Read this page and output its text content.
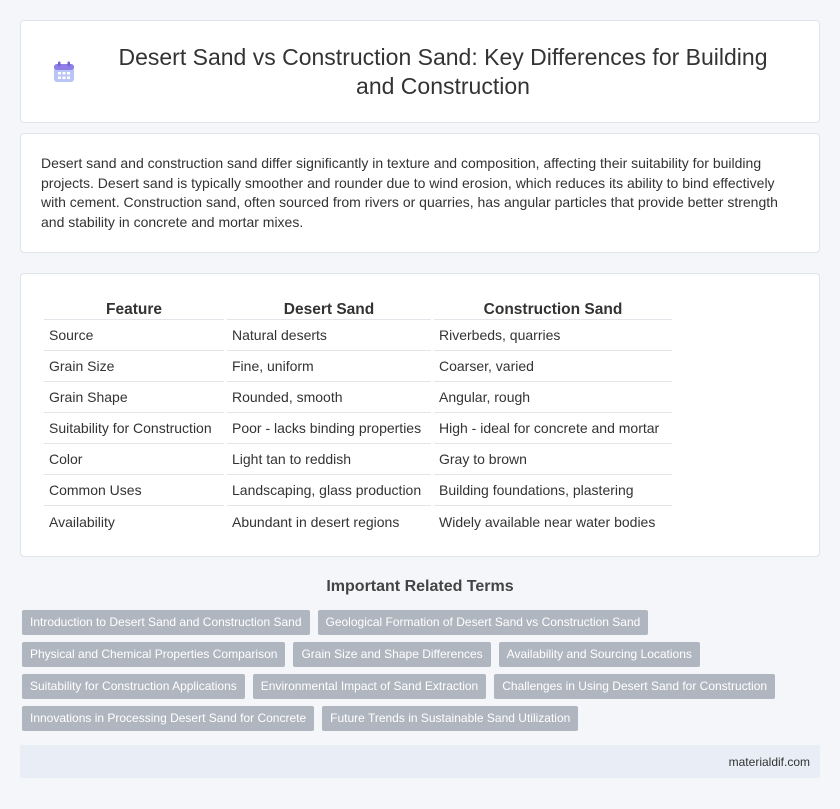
Desert Sand vs Construction Sand: Key Differences for Building and Construction

Desert sand and construction sand differ significantly in texture and composition, affecting their suitability for building projects. Desert sand is typically smoother and rounder due to wind erosion, which reduces its ability to bind effectively with cement. Construction sand, often sourced from rivers or quarries, has angular particles that provide better strength and stability in concrete and mortar mixes.

Feature	Desert Sand	Construction Sand
Source	Natural deserts	Riverbeds, quarries
Grain Size	Fine, uniform	Coarser, varied
Grain Shape	Rounded, smooth	Angular, rough
Suitability for Construction	Poor - lacks binding properties	High - ideal for concrete and mortar
Color	Light tan to reddish	Gray to brown
Common Uses	Landscaping, glass production	Building foundations, plastering
Availability	Abundant in desert regions	Widely available near water bodies
Important Related Terms
Introduction to Desert Sand and Construction Sand	Geological Formation of Desert Sand vs Construction Sand
Physical and Chemical Properties Comparison	Grain Size and Shape Differences	Availability and Sourcing Locations
Suitability for Construction Applications	Environmental Impact of Sand Extraction	Challenges in Using Desert Sand for Construction
Innovations in Processing Desert Sand for Concrete	Future Trends in Sustainable Sand Utilization
materialdif.com
